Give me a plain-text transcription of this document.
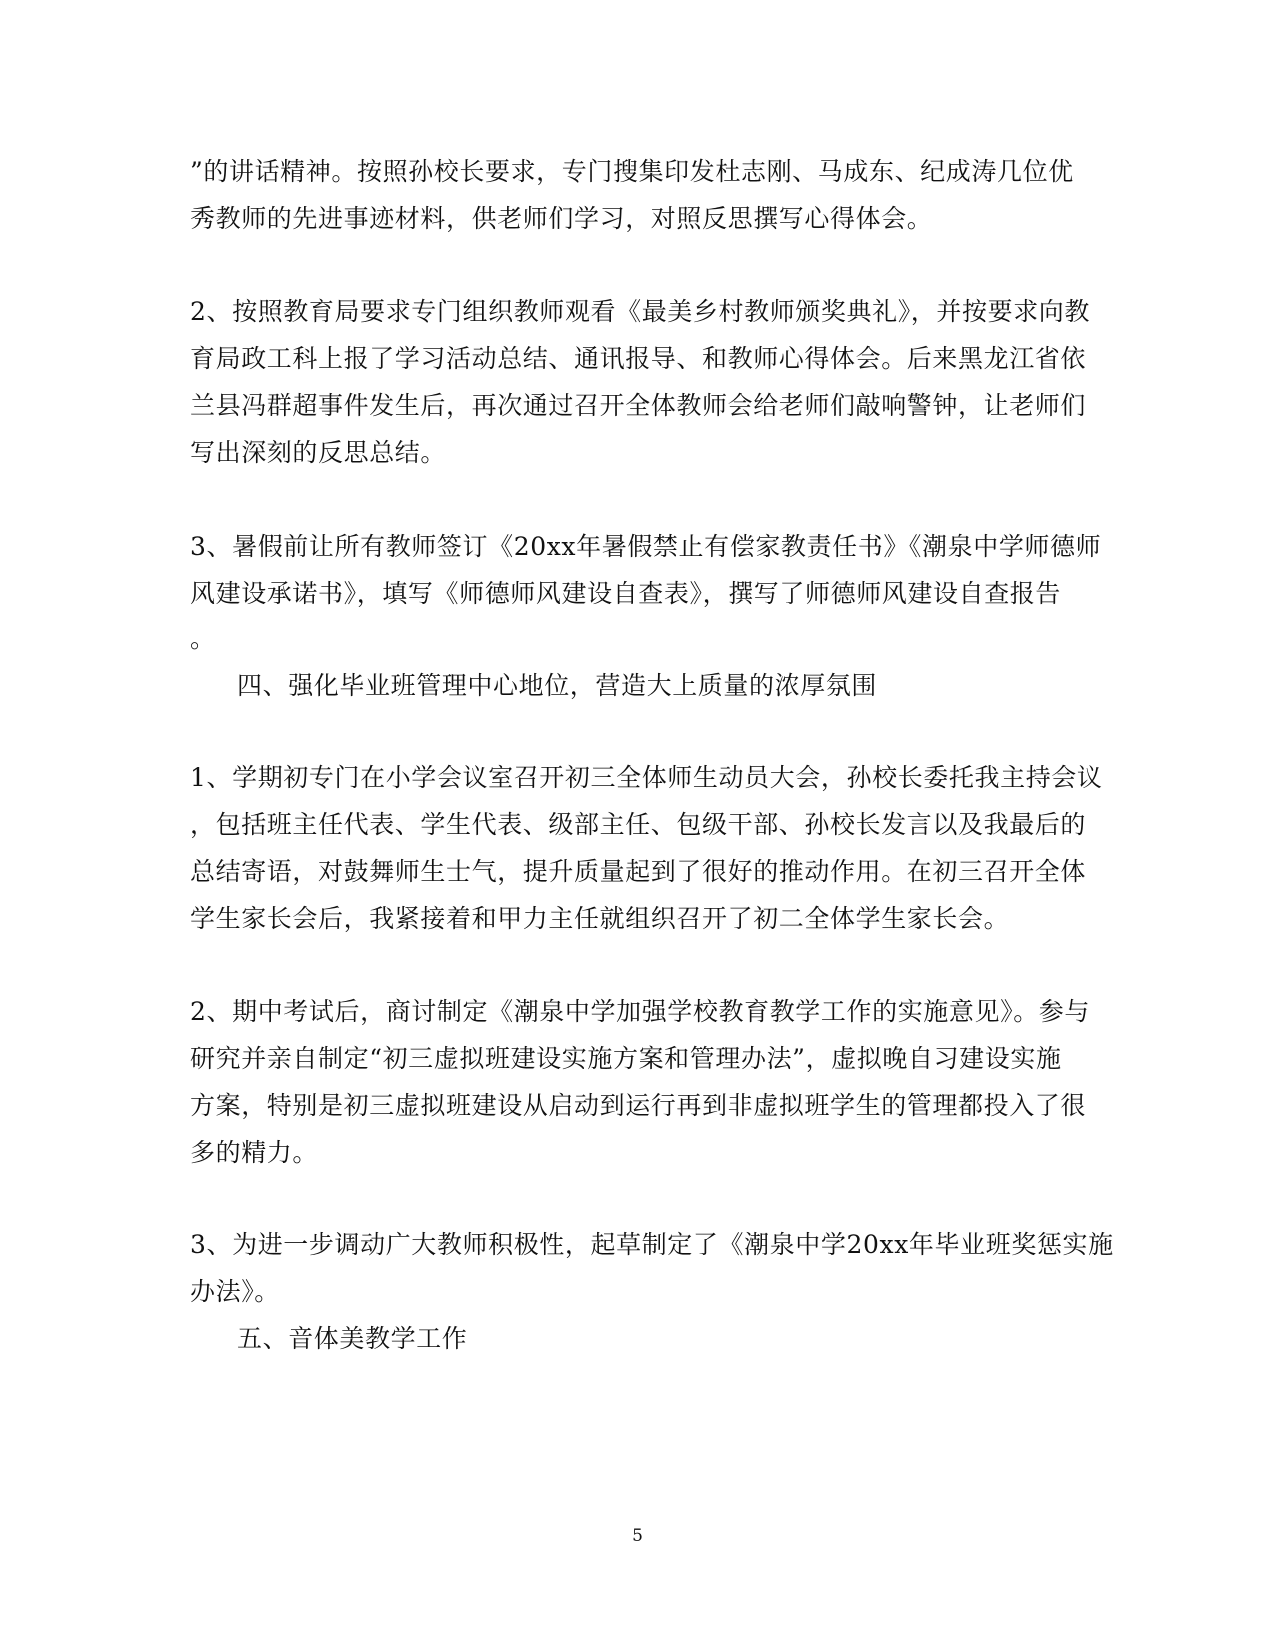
”的讲话精神。按照孙校长要求，专门搜集印发杜志刚、马成东、纪成涛几位优
秀教师的先进事迹材料，供老师们学习，对照反思撰写心得体会。
2、按照教育局要求专门组织教师观看《最美乡村教师颁奖典礼》，并按要求向教
育局政工科上报了学习活动总结、通讯报导、和教师心得体会。后来黑龙江省依
兰县冯群超事件发生后，再次通过召开全体教师会给老师们敲响警钟，让老师们
写出深刻的反思总结。
3、暑假前让所有教师签订《20xx年暑假禁止有偿家教责任书》《潮泉中学师德师
风建设承诺书》，填写《师德师风建设自查表》，撰写了师德师风建设自查报告
。
四、强化毕业班管理中心地位，营造大上质量的浓厚氛围
1、学期初专门在小学会议室召开初三全体师生动员大会，孙校长委托我主持会议
，包括班主任代表、学生代表、级部主任、包级干部、孙校长发言以及我最后的
总结寄语，对鼓舞师生士气，提升质量起到了很好的推动作用。在初三召开全体
学生家长会后，我紧接着和甲力主任就组织召开了初二全体学生家长会。
2、期中考试后，商讨制定《潮泉中学加强学校教育教学工作的实施意见》。参与
研究并亲自制定“初三虚拟班建设实施方案和管理办法”，虚拟晚自习建设实施
方案，特别是初三虚拟班建设从启动到运行再到非虚拟班学生的管理都投入了很
多的精力。
3、为进一步调动广大教师积极性，起草制定了《潮泉中学20xx年毕业班奖惩实施
办法》。
五、音体美教学工作
5
